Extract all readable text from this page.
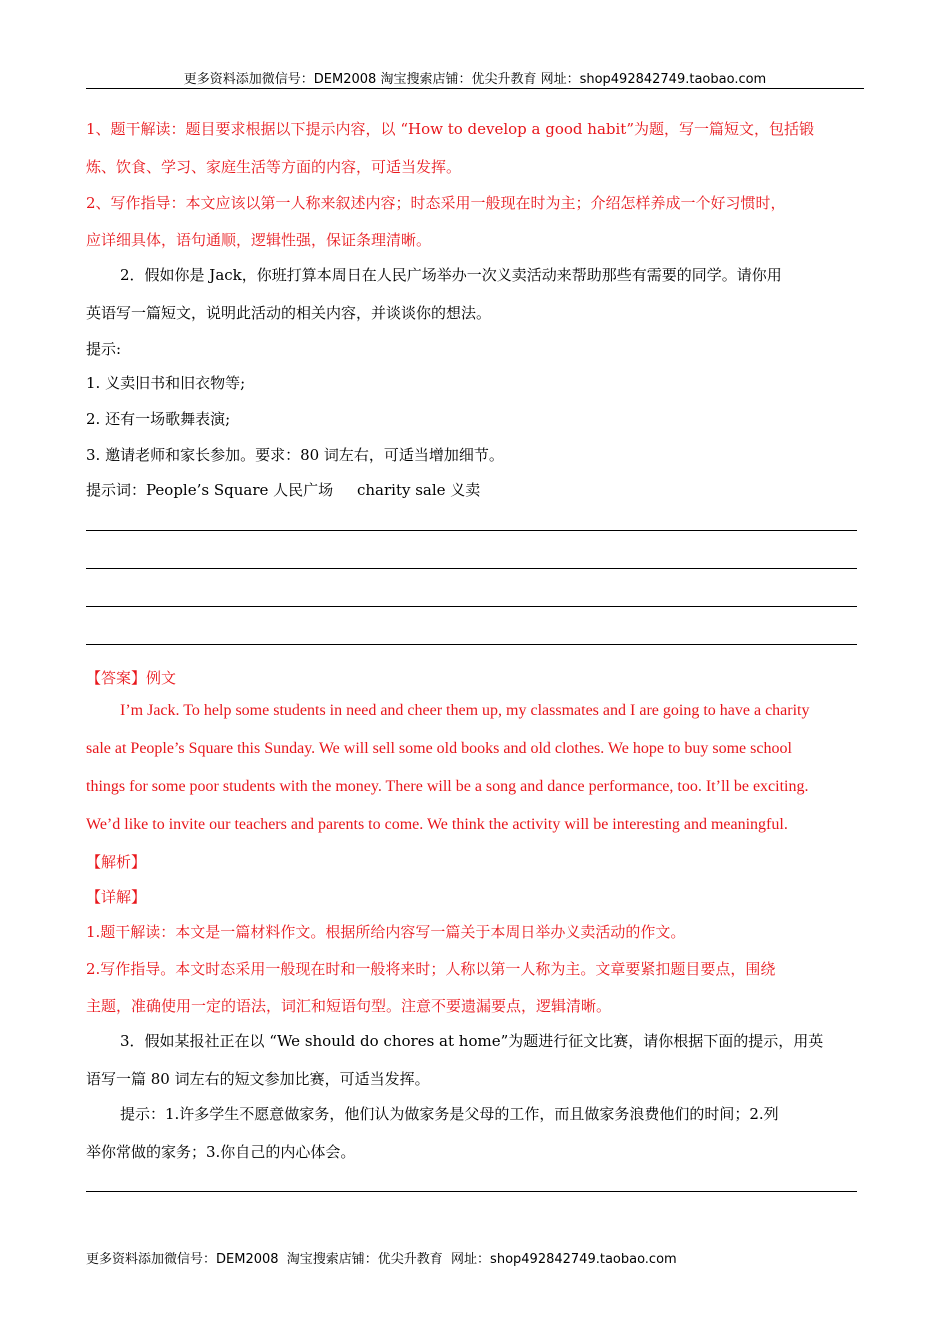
更多资料添加微信号：DEM2008 淘宝搜索店铺：优尖升教育 网址：shop492842749.taobao.com
1、题干解读：题目要求根据以下提示内容，以 “How to develop a good habit”为题，写一篇短文，包括锻
炼、饮食、学习、家庭生活等方面的内容，可适当发挥。
2、写作指导：本文应该以第一人称来叙述内容；时态采用一般现在时为主；介绍怎样养成一个好习惯时，
应详细具体，语句通顺，逻辑性强，保证条理清晰。
2．假如你是 Jack，你班打算本周日在人民广场举办一次义卖活动来帮助那些有需要的同学。请你用
英语写一篇短文，说明此活动的相关内容，并谈谈你的想法。
提示:
1. 义卖旧书和旧衣物等;
2. 还有一场歌舞表演;
3. 邀请老师和家长参加。要求：80 词左右，可适当增加细节。
提示词：People’s Square 人民广场     charity sale 义卖
【答案】例文
I’m Jack. To help some students in need and cheer them up, my classmates and I are going to have a charity
sale at People’s Square this Sunday. We will sell some old books and old clothes. We hope to buy some school
things for some poor students with the money. There will be a song and dance performance, too. It’ll be exciting.
We’d like to invite our teachers and parents to come. We think the activity will be interesting and meaningful.
【解析】
【详解】
1.题干解读：本文是一篇材料作文。根据所给内容写一篇关于本周日举办义卖活动的作文。
2.写作指导。本文时态采用一般现在时和一般将来时；人称以第一人称为主。文章要紧扣题目要点，围绕
主题，准确使用一定的语法，词汇和短语句型。注意不要遗漏要点，逻辑清晰。
3．假如某报社正在以 “We should do chores at home”为题进行征文比赛，请你根据下面的提示，用英
语写一篇 80 词左右的短文参加比赛，可适当发挥。
提示：1.许多学生不愿意做家务，他们认为做家务是父母的工作，而且做家务浪费他们的时间；2.列
举你常做的家务；3.你自己的内心体会。
更多资料添加微信号：DEM2008  淘宝搜索店铺：优尖升教育  网址：shop492842749.taobao.com
